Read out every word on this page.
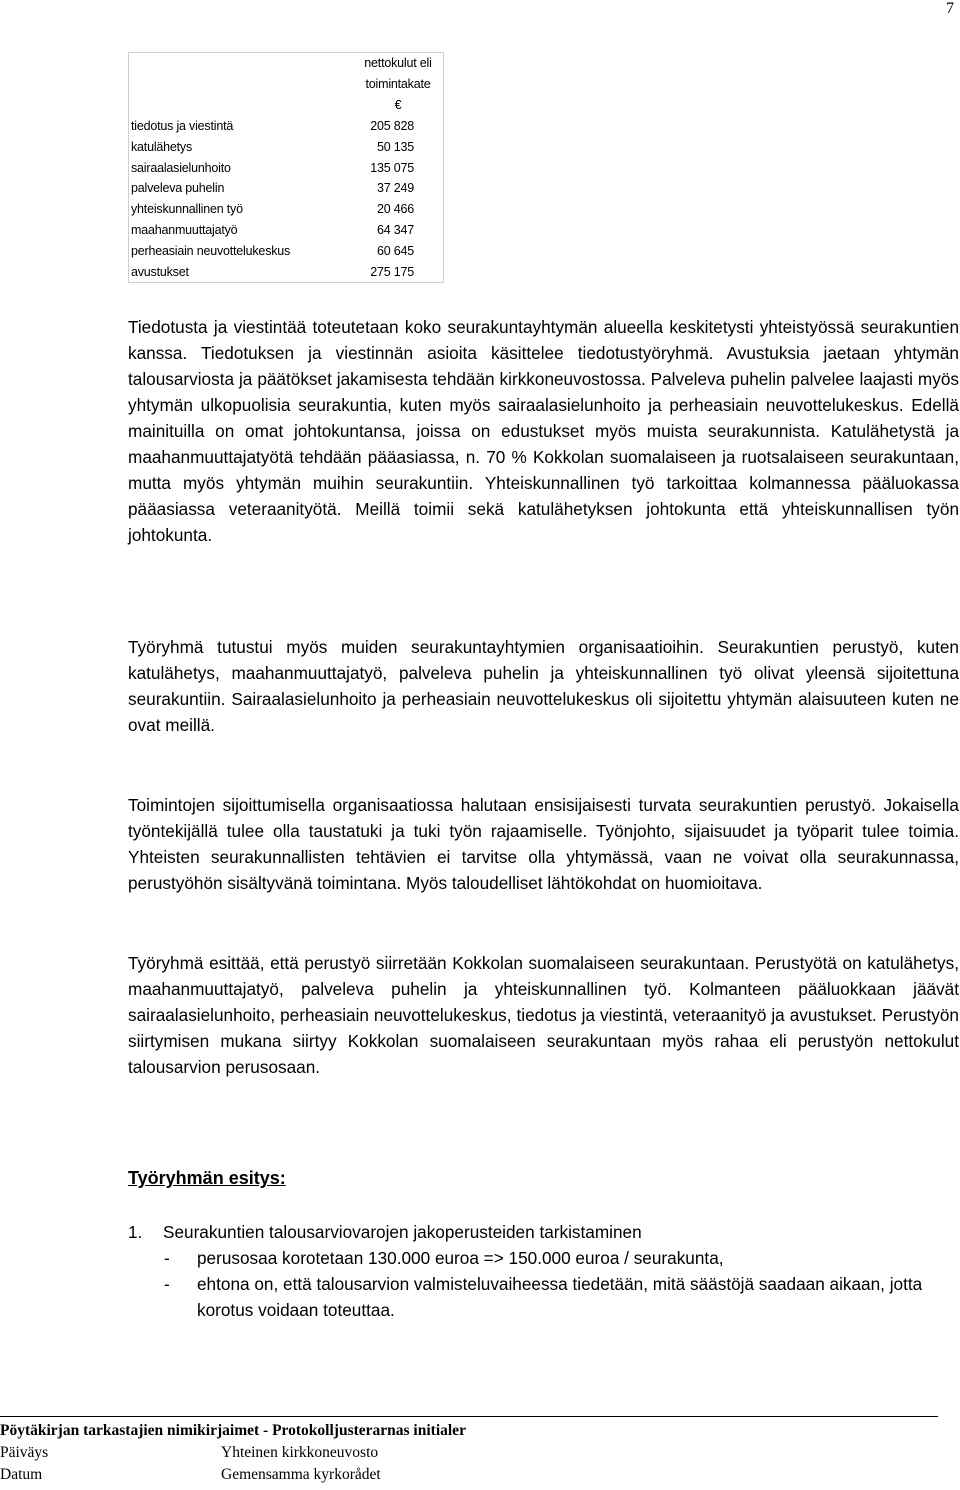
7
	nettokulut eli
	toimintakate
	€
tiedotus ja viestintä	205 828
katulähetys	50 135
sairaalasielunhoito	135 075
palveleva puhelin	37 249
yhteiskunnallinen työ	20 466
maahanmuuttajatyö	64 347
perheasiain neuvottelukeskus	60 645
avustukset	275 175

Tiedotusta ja viestintää toteutetaan koko seurakuntayhtymän alueella keskitetysti yhteistyössä seurakuntien kanssa. Tiedotuksen ja viestinnän asioita käsittelee tiedotustyöryhmä. Avustuksia jaetaan yhtymän talousarviosta ja päätökset jakamisesta tehdään kirkkoneuvostossa. Palveleva puhelin palvelee laajasti myös yhtymän ulkopuolisia seurakuntia, kuten myös sairaalasielunhoito ja perheasiain neuvottelukeskus. Edellä mainituilla on omat johtokuntansa, joissa on edustukset myös muista seurakunnista. Katulähetystä ja maahanmuuttajatyötä tehdään pääasiassa, n. 70 % Kokkolan suomalaiseen ja ruotsalaiseen seurakuntaan, mutta myös yhtymän muihin seurakuntiin. Yhteiskunnallinen työ tarkoittaa kolmannessa pääluokassa pääasiassa veteraanityötä. Meillä toimii sekä katulähetyksen johtokunta että yhteiskunnallisen työn johtokunta.

Työryhmä tutustui myös muiden seurakuntayhtymien organisaatioihin. Seurakuntien perustyö, kuten katulähetys, maahanmuuttajatyö, palveleva puhelin ja yhteiskunnallinen työ olivat yleensä sijoitettuna seurakuntiin. Sairaalasielunhoito ja perheasiain neuvottelukeskus oli sijoitettu yhtymän alaisuuteen kuten ne ovat meillä.

Toimintojen sijoittumisella organisaatiossa halutaan ensisijaisesti turvata seurakuntien perustyö. Jokaisella työntekijällä tulee olla taustatuki ja tuki työn rajaamiselle. Työnjohto, sijaisuudet ja työparit tulee toimia. Yhteisten seurakunnallisten tehtävien ei tarvitse olla yhtymässä, vaan ne voivat olla seurakunnassa, perustyöhön sisältyvänä toimintana. Myös taloudelliset lähtökohdat on huomioitava.

Työryhmä esittää, että perustyö siirretään Kokkolan suomalaiseen seurakuntaan. Perustyötä on katulähetys, maahanmuuttajatyö, palveleva puhelin ja yhteiskunnallinen työ. Kolmanteen pääluokkaan jäävät sairaalasielunhoito, perheasiain neuvottelukeskus, tiedotus ja viestintä, veteraanityö ja avustukset. Perustyön siirtymisen mukana siirtyy Kokkolan suomalaiseen seurakuntaan myös rahaa eli perustyön nettokulut talousarvion perusosaan.

Työryhmän esitys:
1. Seurakuntien talousarviovarojen jakoperusteiden tarkistaminen
- perusosaa korotetaan 130.000 euroa => 150.000 euroa / seurakunta,
- ehtona on, että talousarvion valmisteluvaiheessa tiedetään, mitä säästöjä saadaan aikaan, jotta korotus voidaan toteuttaa.
Pöytäkirjan tarkastajien nimikirjaimet - Protokolljusterarnas initialer
Päiväys	Yhteinen kirkkoneuvosto
Datum	Gemensamma kyrkorådet
